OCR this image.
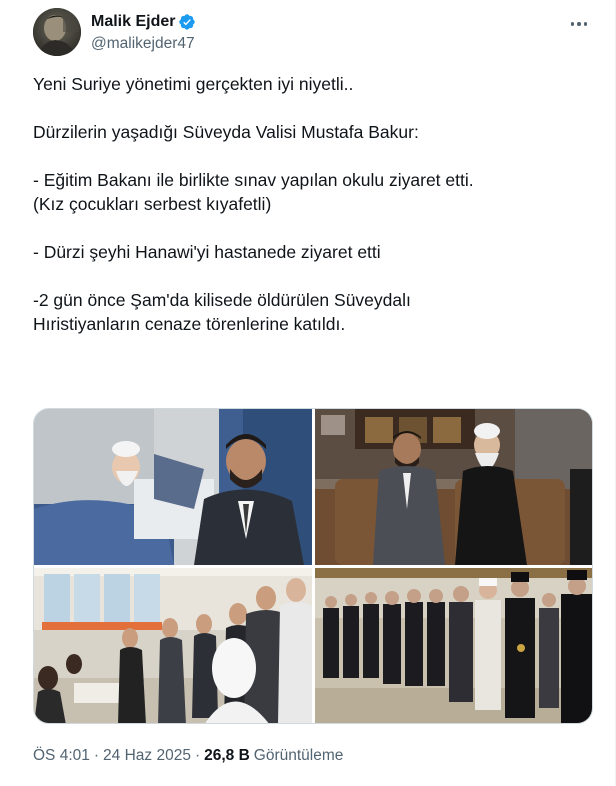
Malik Ejder
@malikejder47

Yeni Suriye yönetimi gerçekten iyi niyetli..

Dürzilerin yaşadığı Süveyda Valisi Mustafa Bakur:

- Eğitim Bakanı ile birlikte sınav yapılan okulu ziyaret etti.

(Kız çocukları serbest kıyafetli)

- Dürzi şeyhi Hanawi'yi hastanede ziyaret etti

-2 gün önce Şam'da kilisede öldürülen Süveydalı

Hıristiyanların cenaze törenlerine katıldı.

ÖS 4:01 · 24 Haz 2025 · 26,8 B Görüntüleme
